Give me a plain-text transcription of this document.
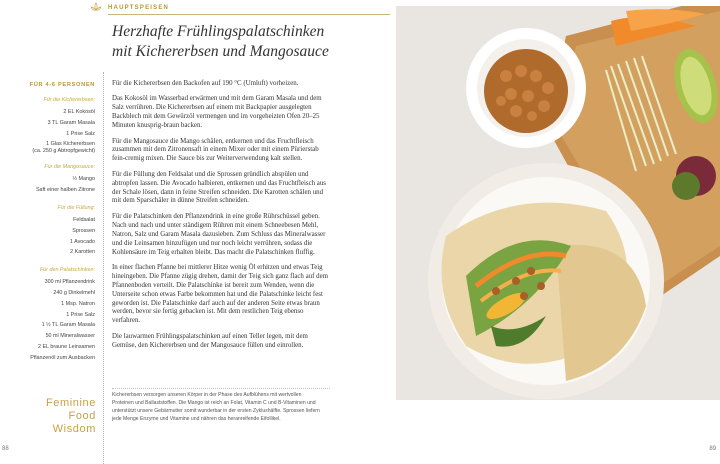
HAUPTSPEISEN
Herzhafte Frühlingspalatschinken
mit Kichererbsen und Mangosauce
FÜR 4-6 PERSONEN
Für die Kichererbsen:
2 EL Kokosöl
3 TL Garam Masala
1 Prise Salz
1 Glas Kichererbsen
(ca. 250 g Abtropfgewicht)
Für die Mangosauce:
½ Mango
Saft einer halben Zitrone
Für die Füllung:
Feldsalat
Sprossen
1 Avocado
2 Karotten
Für den Palatschinken:
300 ml Pflanzendrink
240 g Dinkelmehl
1 Msp. Natron
1 Prise Salz
1 ½ TL Garam Masala
50 ml Mineralwasser
2 EL braune Leinsamen
Pflanzenöl zum Ausbacken
Feminine
Food
Wisdom

Für die Kichererbsen den Backofen auf 190 °C (Umluft) vorheizen.

Das Kokosöl im Wasserbad erwärmen und mit dem Garam Masala und dem Salz verrühren. Die Kichererbsen auf einem mit Backpapier ausgelegten Backblech mit dem Gewürzöl vermengen und im vorgeheizten Ofen 20–25 Minuten knusprig-braun backen.

Für die Mangosauce die Mango schälen, entkernen und das Fruchtfleisch zusammen mit dem Zitronensaft in einem Mixer oder mit einem Pürierstab fein-cremig mixen. Die Sauce bis zur Weiterverwendung kalt stellen.

Für die Füllung den Feldsalat und die Sprossen gründlich abspülen und abtropfen lassen. Die Avocado halbieren, entkernen und das Fruchtfleisch aus der Schale lösen, dann in feine Streifen schneiden. Die Karotten schälen und mit dem Sparschäler in dünne Streifen schneiden.

Für die Palatschinken den Pflanzendrink in eine große Rührschüssel geben. Nach und nach und unter ständigem Rühren mit einem Schneebesen Mehl, Natron, Salz und Garam Masala dazusieben. Zum Schluss das Mineralwasser und die Leinsamen hinzufügen und nur noch leicht verrühren, sodass die Kohlensäure im Teig erhalten bleibt. Das macht die Palatschinken fluffig.

In einer flachen Pfanne bei mittlerer Hitze wenig Öl erhitzen und etwas Teig hineingeben. Die Pfanne zügig drehen, damit der Teig sich ganz flach auf dem Pfannenboden verteilt. Die Palatschinke ist bereit zum Wenden, wenn die Unterseite schon etwas Farbe bekommen hat und die Palatschinke leicht fest geworden ist. Die Palatschinke darf auch auf der anderen Seite etwas braun werden, bevor sie fertig gebacken ist. Mit dem restlichen Teig ebenso verfahren.

Die lauwarmen Frühlingspalatschinken auf einen Teller legen, mit dem Gemüse, den Kichererbsen und der Mangosauce füllen und einrollen.

Kichererbsen versorgen unseren Körper in der Phase des Aufblühens mit wertvollen Proteinen und Ballaststoffen. Die Mango ist reich an Folat, Vitamin C und B-Vitaminen und unterstützt unsere Gebärmutter somit wunderbar in der ersten Zyklushälfte. Sprossen liefern jede Menge Enzyme und Vitamine und nähren das heranreifende Eifollikel.
88	89
